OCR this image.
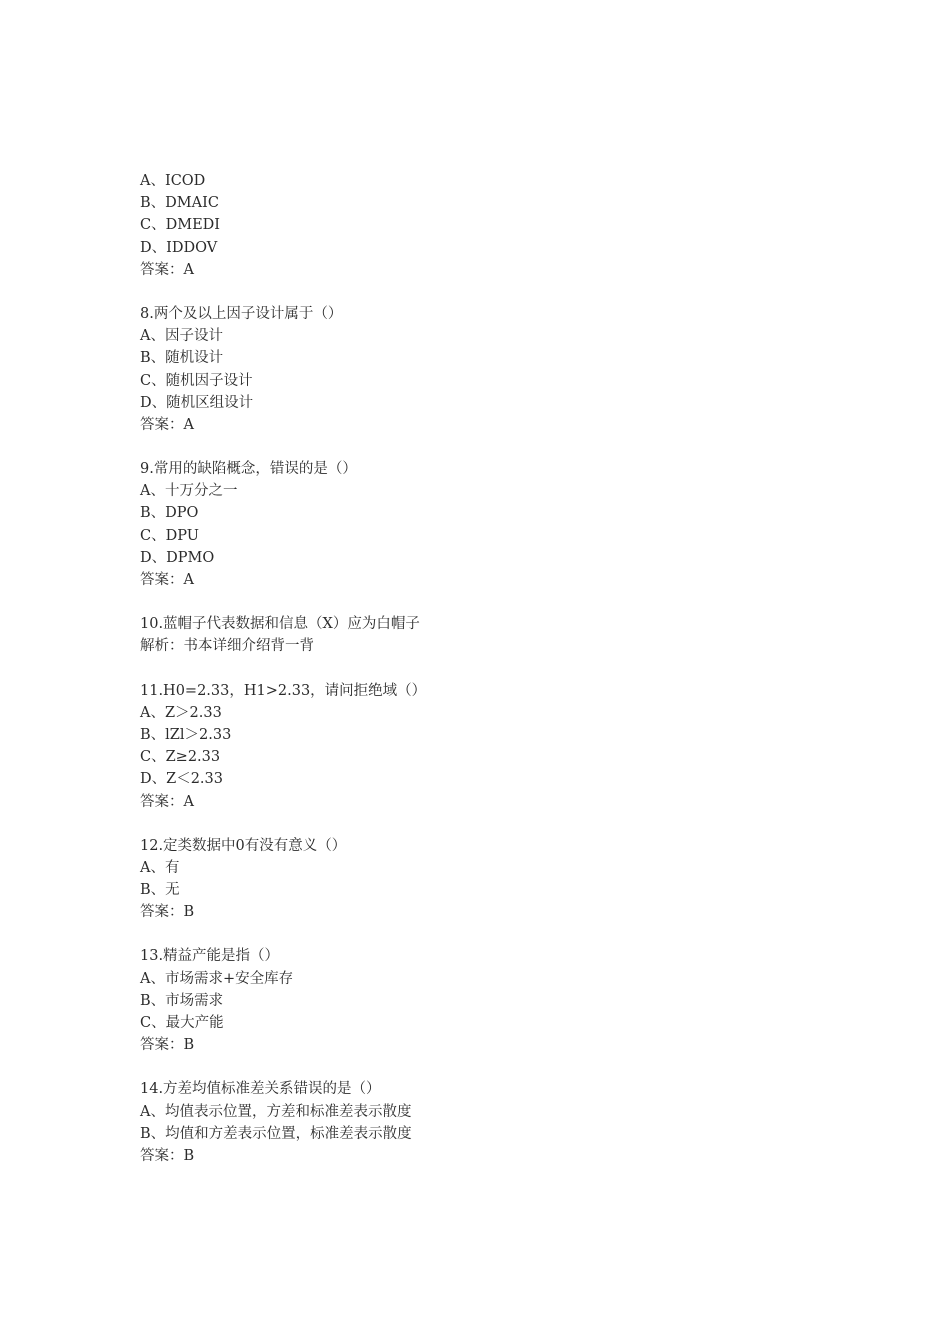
A、ICOD
B、DMAIC
C、DMEDI
D、IDDOV
答案：A
8.两个及以上因子设计属于（）
A、因子设计
B、随机设计
C、随机因子设计
D、随机区组设计
答案：A
9.常用的缺陷概念，错误的是（）
A、十万分之一
B、DPO
C、DPU
D、DPMO
答案：A
10.蓝帽子代表数据和信息（X）应为白帽子
解析：书本详细介绍背一背
11.H0=2.33，H1>2.33，请问拒绝域（）
A、Z＞2.33
B、lZl＞2.33
C、Z≥2.33
D、Z＜2.33
答案：A
12.定类数据中0有没有意义（）
A、有
B、无
答案：B
13.精益产能是指（）
A、市场需求+安全库存
B、市场需求
C、最大产能
答案：B
14.方差均值标准差关系错误的是（）
A、均值表示位置，方差和标准差表示散度
B、均值和方差表示位置，标准差表示散度
答案：B
